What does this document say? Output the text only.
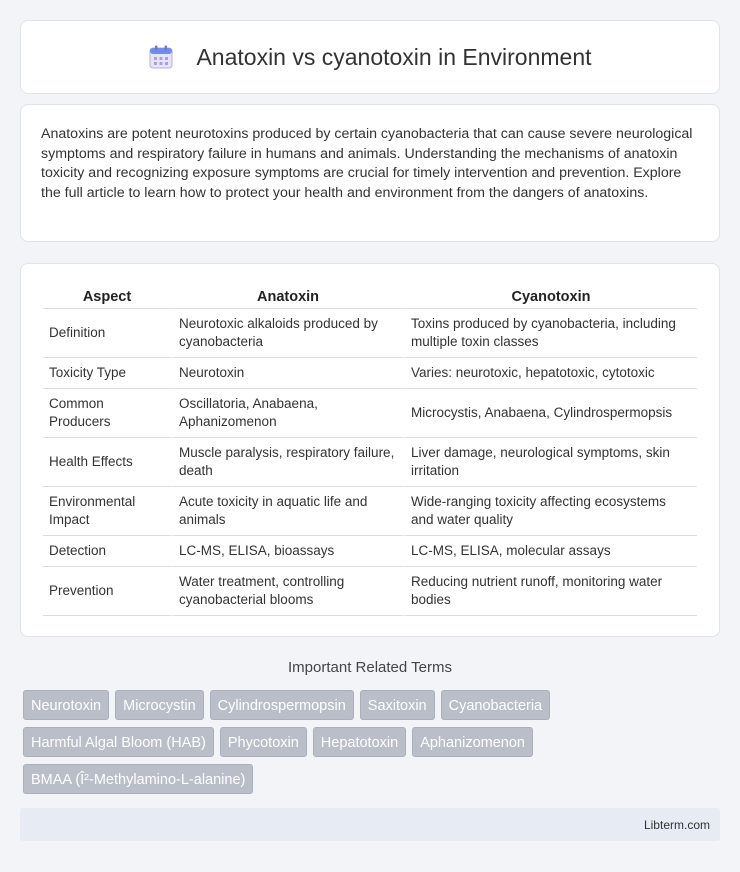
Anatoxin vs cyanotoxin in Environment

Anatoxins are potent neurotoxins produced by certain cyanobacteria that can cause severe neurological symptoms and respiratory failure in humans and animals. Understanding the mechanisms of anatoxin toxicity and recognizing exposure symptoms are crucial for timely intervention and prevention. Explore the full article to learn how to protect your health and environment from the dangers of anatoxins.

Aspect	Anatoxin	Cyanotoxin
Definition	Neurotoxic alkaloids produced by cyanobacteria	Toxins produced by cyanobacteria, including multiple toxin classes
Toxicity Type	Neurotoxin	Varies: neurotoxic, hepatotoxic, cytotoxic
Common Producers	Oscillatoria, Anabaena, Aphanizomenon	Microcystis, Anabaena, Cylindrospermopsis
Health Effects	Muscle paralysis, respiratory failure, death	Liver damage, neurological symptoms, skin irritation
Environmental Impact	Acute toxicity in aquatic life and animals	Wide-ranging toxicity affecting ecosystems and water quality
Detection	LC-MS, ELISA, bioassays	LC-MS, ELISA, molecular assays
Prevention	Water treatment, controlling cyanobacterial blooms	Reducing nutrient runoff, monitoring water bodies
Important Related Terms
Neurotoxin	Microcystin	Cylindrospermopsin	Saxitoxin	Cyanobacteria
Harmful Algal Bloom (HAB)	Phycotoxin	Hepatotoxin	Aphanizomenon
BMAA (Î²-Methylamino-L-alanine)
Libterm.com
